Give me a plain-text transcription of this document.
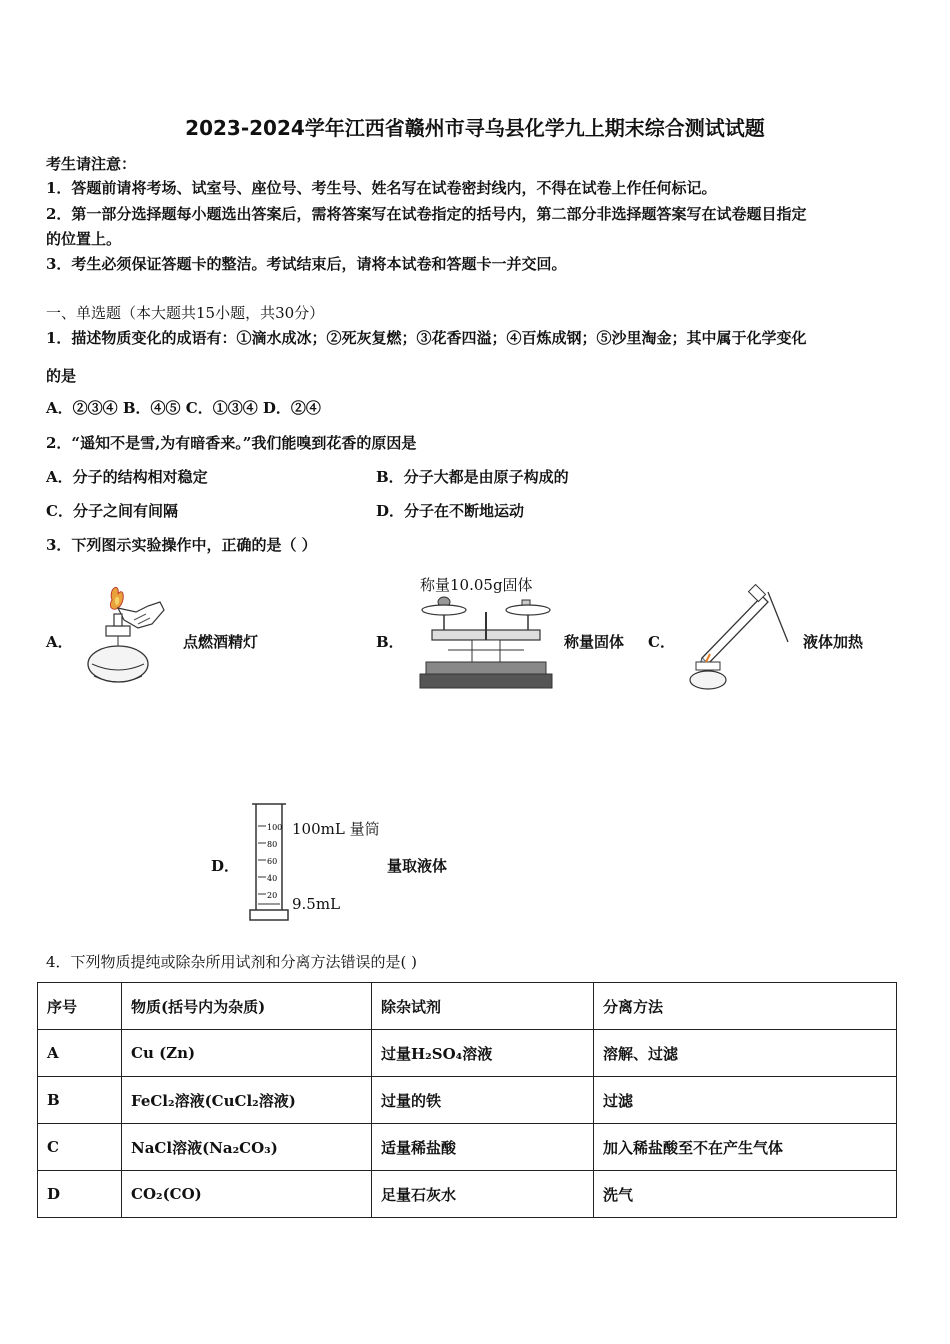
2023-2024学年江西省赣州市寻乌县化学九上期末综合测试试题
考生请注意：
1．答题前请将考场、试室号、座位号、考生号、姓名写在试卷密封线内，不得在试卷上作任何标记。
2．第一部分选择题每小题选出答案后，需将答案写在试卷指定的括号内，第二部分非选择题答案写在试卷题目指定
的位置上。
3．考生必须保证答题卡的整洁。考试结束后，请将本试卷和答题卡一并交回。
一、单选题（本大题共15小题，共30分）
1．描述物质变化的成语有：①滴水成冰；②死灰复燃；③花香四溢；④百炼成钢；⑤沙里淘金；其中属于化学变化
的是
A．②③④ B．④⑤ C．①③④ D．②④
2．“遥知不是雪,为有暗香来。”我们能嗅到花香的原因是
A．分子的结构相对稳定	B．分子大都是由原子构成的
C．分子之间有间隔	D．分子在不断地运动
3．下列图示实验操作中，正确的是（ ）
A．	点燃酒精灯	B．
称量10.05g固体
称量固体 C．	液体加热
D．
100
80
60
40
20
100mL 量筒
9.5mL
量取液体
4．下列物质提纯或除杂所用试剂和分离方法错误的是( )
序号	物质(括号内为杂质)	除杂试剂	分离方法
A	Cu (Zn)	过量H₂SO₄溶液	溶解、过滤
B	FeCl₂溶液(CuCl₂溶液)	过量的铁	过滤
C	NaCl溶液(Na₂CO₃)	适量稀盐酸	加入稀盐酸至不在产生气体
D	CO₂(CO)	足量石灰水	洗气
